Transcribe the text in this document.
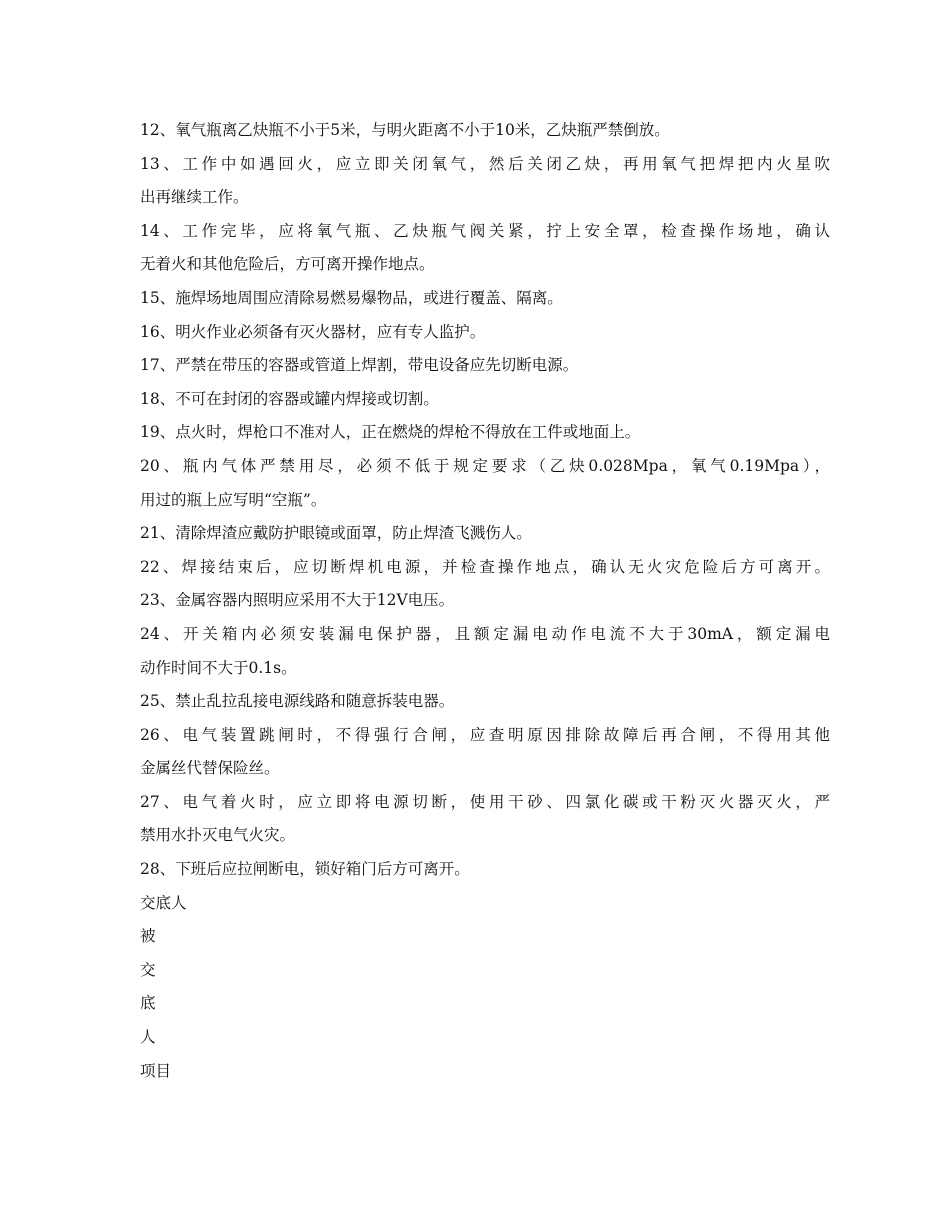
12、氧气瓶离乙炔瓶不小于5米，与明火距离不小于10米，乙炔瓶严禁倒放。
13、工作中如遇回火，应立即关闭氧气，然后关闭乙炔，再用氧气把焊把内火星吹
出再继续工作。
14、工作完毕，应将氧气瓶、乙炔瓶气阀关紧，拧上安全罩，检查操作场地，确认
无着火和其他危险后，方可离开操作地点。
15、施焊场地周围应清除易燃易爆物品，或进行覆盖、隔离。
16、明火作业必须备有灭火器材，应有专人监护。
17、严禁在带压的容器或管道上焊割，带电设备应先切断电源。
18、不可在封闭的容器或罐内焊接或切割。
19、点火时，焊枪口不准对人，正在燃烧的焊枪不得放在工件或地面上。
20、瓶内气体严禁用尽，必须不低于规定要求（乙炔0.028Mpa，氧气0.19Mpa），
用过的瓶上应写明“空瓶”。
21、清除焊渣应戴防护眼镜或面罩，防止焊渣飞溅伤人。
22、焊接结束后，应切断焊机电源，并检查操作地点，确认无火灾危险后方可离开。
23、金属容器内照明应采用不大于12V电压。
24、开关箱内必须安装漏电保护器，且额定漏电动作电流不大于30mA，额定漏电
动作时间不大于0.1s。
25、禁止乱拉乱接电源线路和随意拆装电器。
26、电气装置跳闸时，不得强行合闸，应查明原因排除故障后再合闸，不得用其他
金属丝代替保险丝。
27、电气着火时，应立即将电源切断，使用干砂、四氯化碳或干粉灭火器灭火，严
禁用水扑灭电气火灾。
28、下班后应拉闸断电，锁好箱门后方可离开。
交底人
被
交
底
人
项目
